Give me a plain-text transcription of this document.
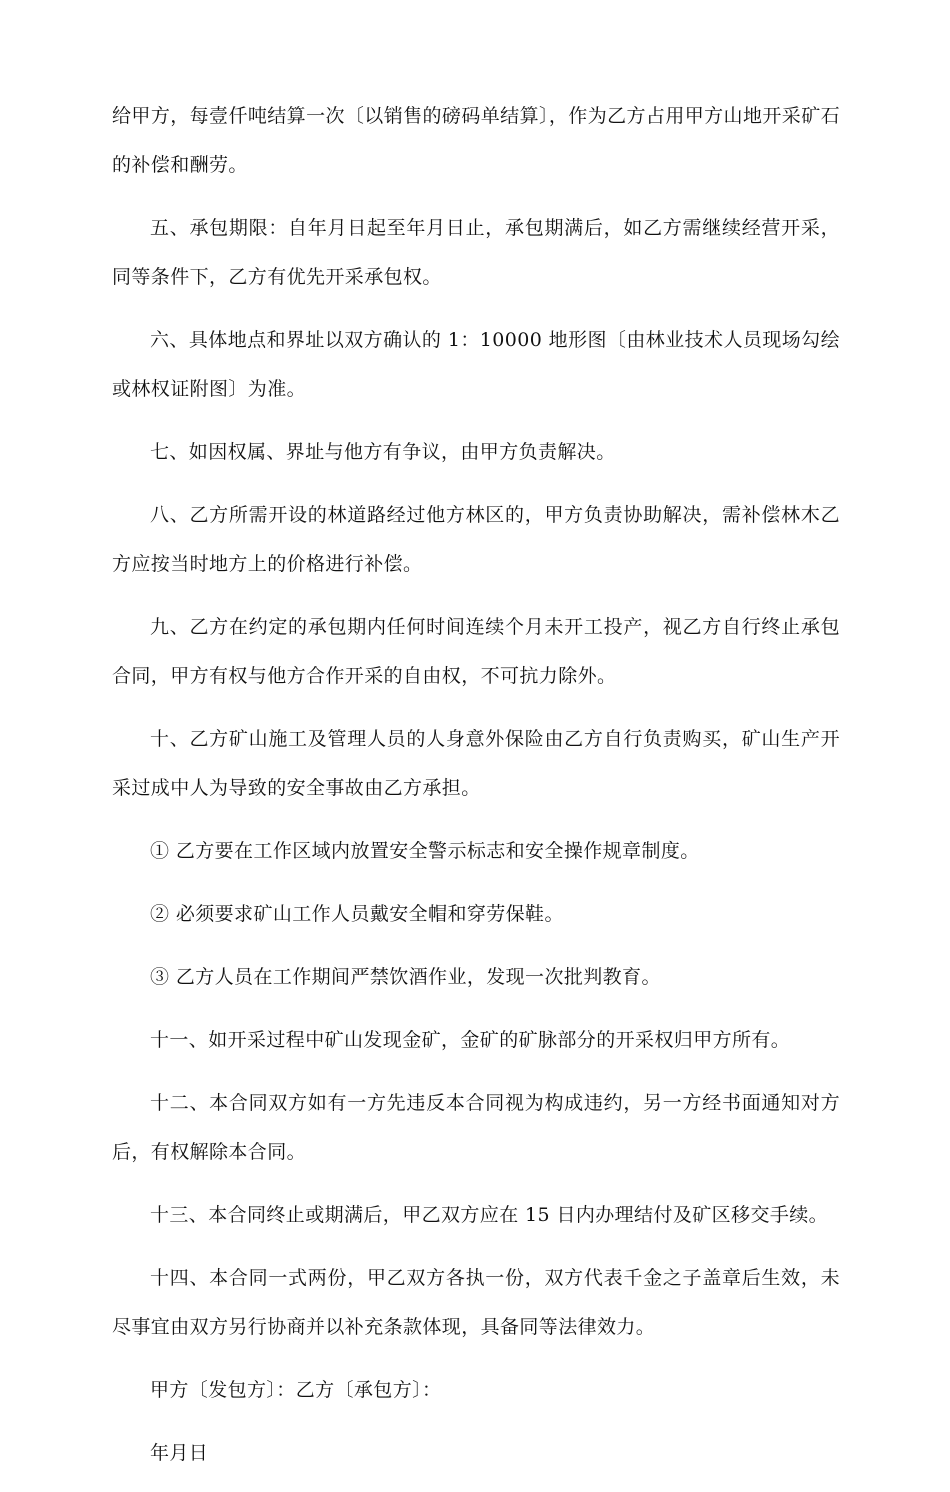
给甲方，每壹仟吨结算一次〔以销售的磅码单结算〕，作为乙方占用甲方山地开采矿石的补偿和酬劳。

五、承包期限：自年月日起至年月日止，承包期满后，如乙方需继续经营开采，同等条件下，乙方有优先开采承包权。

六、具体地点和界址以双方确认的 1：10000 地形图〔由林业技术人员现场勾绘或林权证附图〕为准。

七、如因权属、界址与他方有争议，由甲方负责解决。

八、乙方所需开设的林道路经过他方林区的，甲方负责协助解决，需补偿林木乙方应按当时地方上的价格进行补偿。

九、乙方在约定的承包期内任何时间连续个月未开工投产，视乙方自行终止承包合同，甲方有权与他方合作开采的自由权，不可抗力除外。

十、乙方矿山施工及管理人员的人身意外保险由乙方自行负责购买，矿山生产开采过成中人为导致的安全事故由乙方承担。

① 乙方要在工作区域内放置安全警示标志和安全操作规章制度。

② 必须要求矿山工作人员戴安全帽和穿劳保鞋。

③ 乙方人员在工作期间严禁饮酒作业，发现一次批判教育。

十一、如开采过程中矿山发现金矿，金矿的矿脉部分的开采权归甲方所有。

十二、本合同双方如有一方先违反本合同视为构成违约，另一方经书面通知对方后，有权解除本合同。

十三、本合同终止或期满后，甲乙双方应在 15 日内办理结付及矿区移交手续。

十四、本合同一式两份，甲乙双方各执一份，双方代表千金之子盖章后生效，未尽事宜由双方另行协商并以补充条款体现，具备同等法律效力。

甲方〔发包方〕：乙方〔承包方〕：

年月日
